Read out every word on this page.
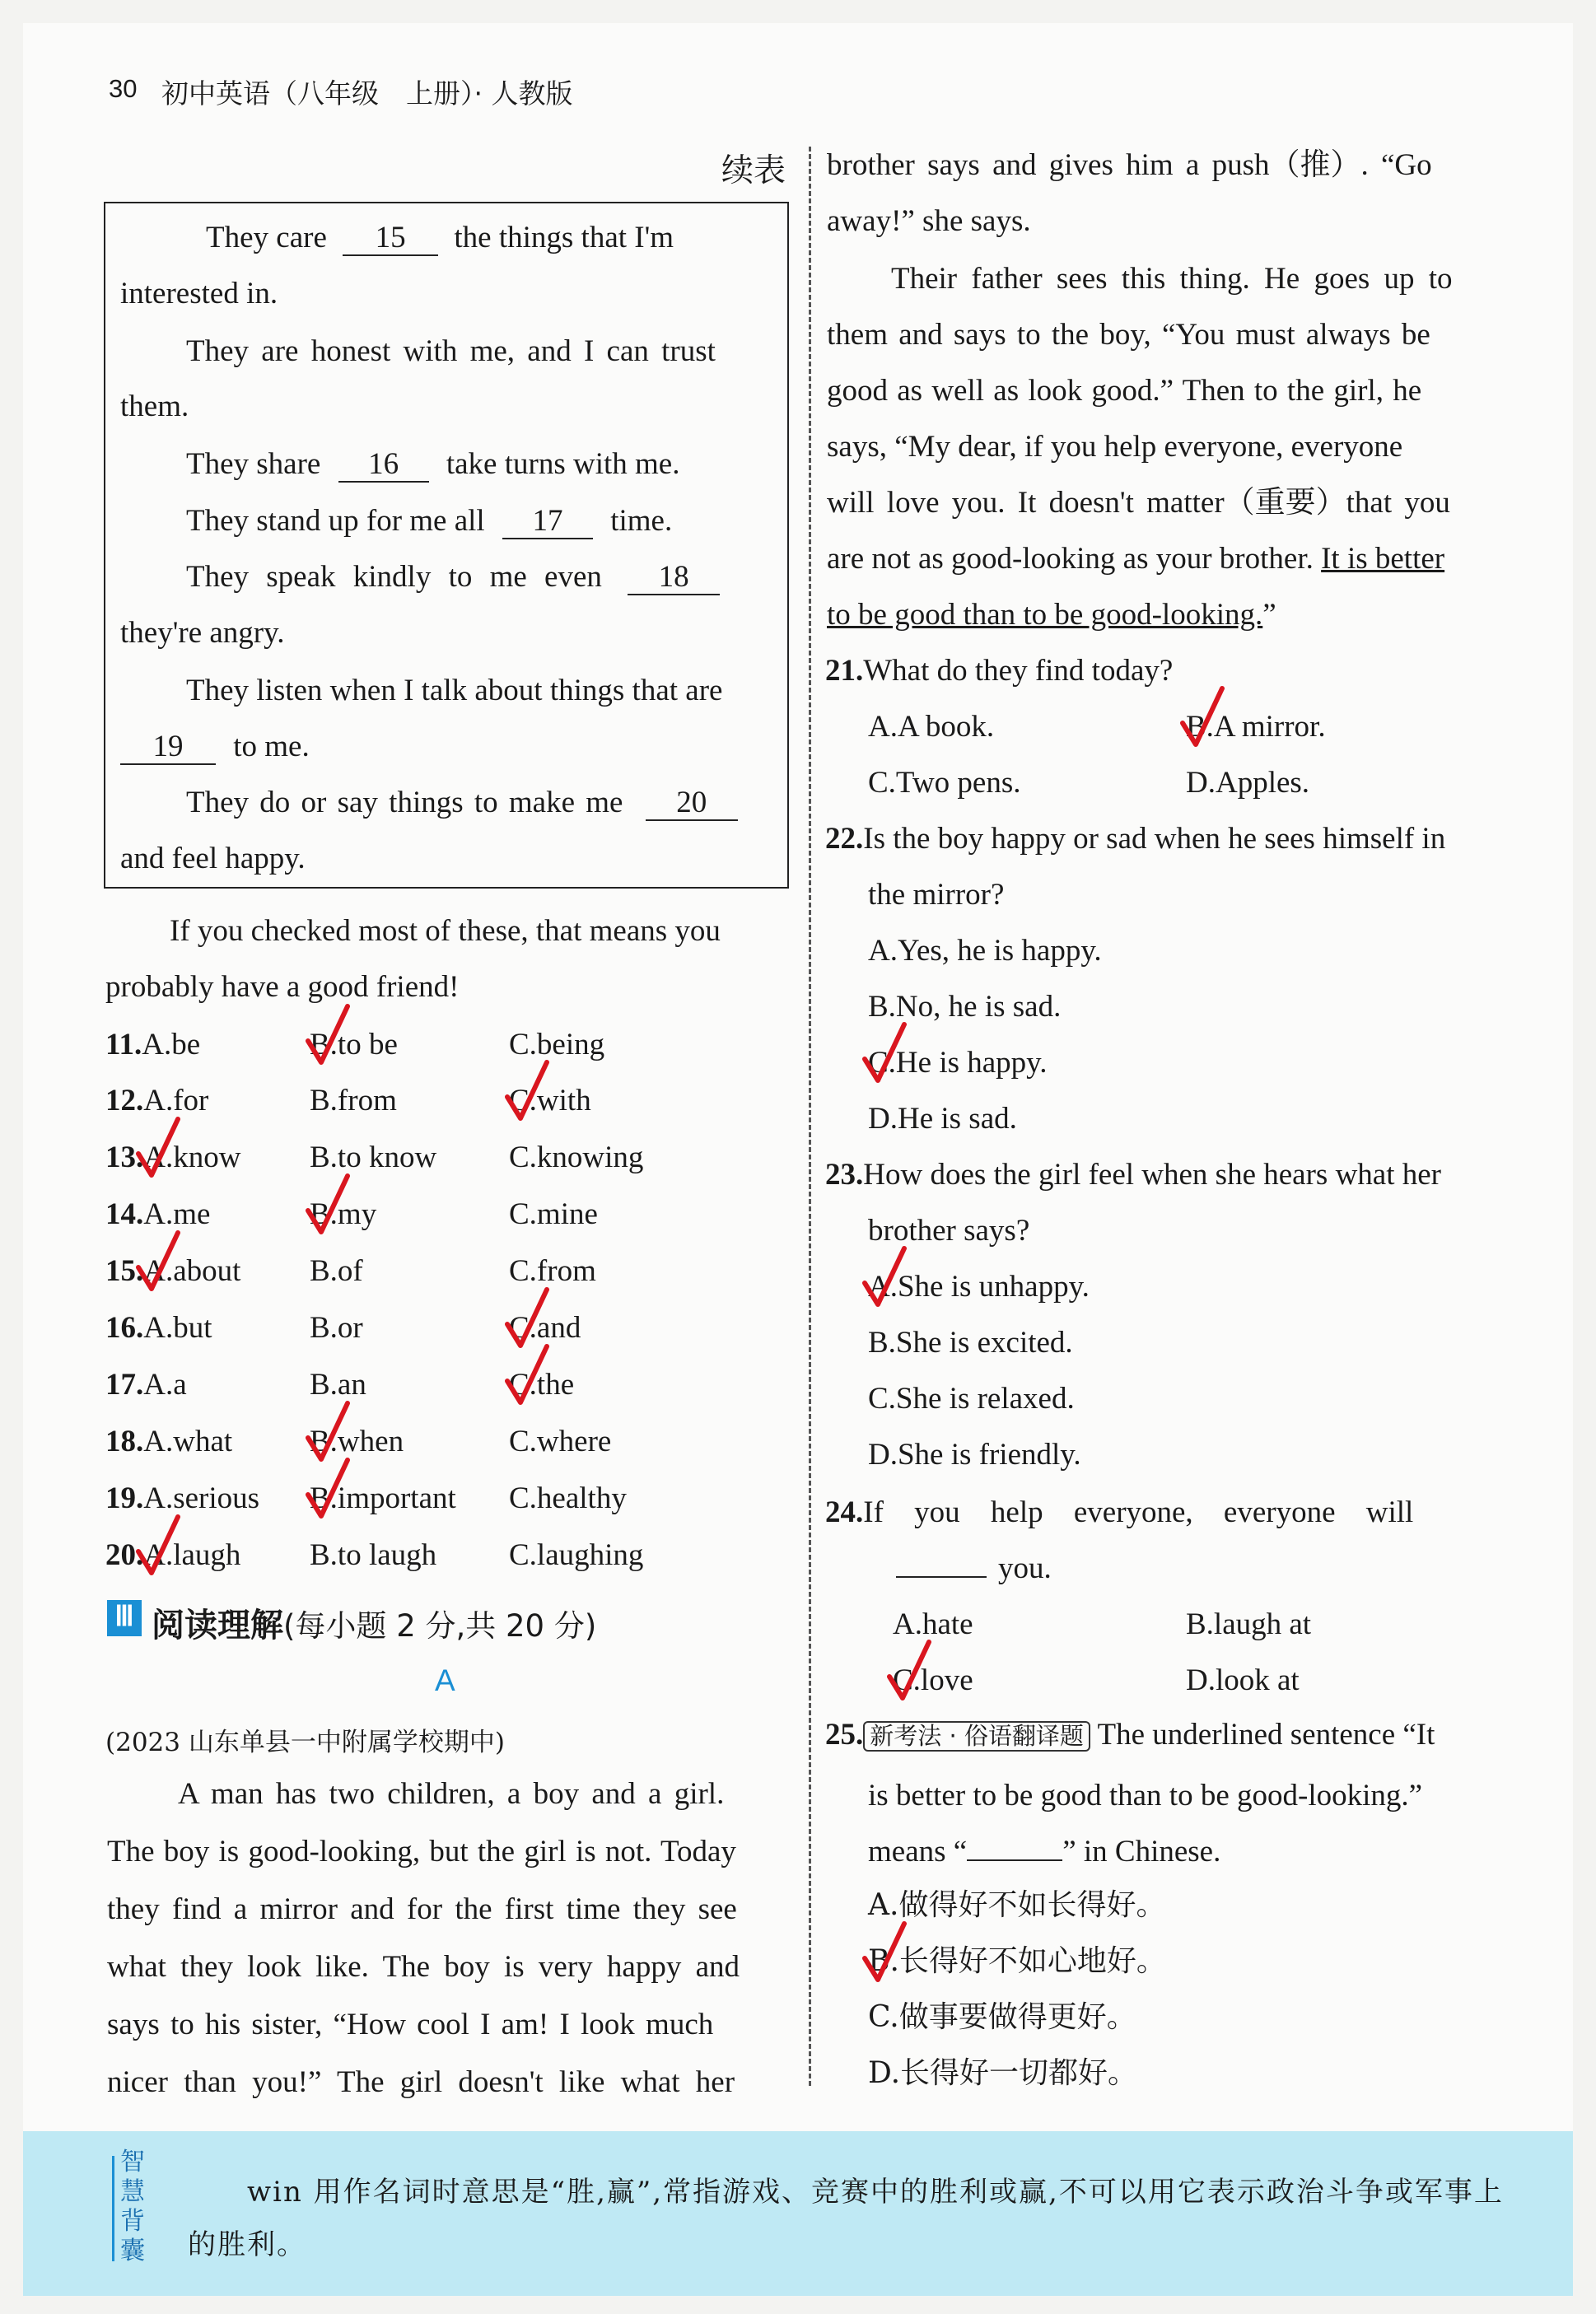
30 初中英语（八年级　上册）· 人教版
续表
They care 15 the things that I'm
interested in.
They are honest with me, and I can trust
them.
They share 16 take turns with me.
They stand up for me all 17 time.
They speak kindly to me even 18
they're angry.
They listen when I talk about things that are
19 to me.
They do or say things to make me 20
and feel happy.
If you checked most of these, that means you
probably have a good friend!
11.A.be	B.to be	C.being
12.A.for	B.from	C.with
13.A.know B.to know C.knowing
14.A.me	B.my	C.mine
15.A.about B.of	C.from
16.A.but	B.or	C.and
17.A.a	B.an	C.the
18.A.what	B.when	C.where
19.A.serious B.important C.healthy
20.A.laugh B.to laugh C.laughing
Ⅲ 阅读理解(每小题 2 分,共 20 分)
A
(2023 山东单县一中附属学校期中)
A man has two children, a boy and a girl.
The boy is good-looking, but the girl is not. Today
they find a mirror and for the first time they see
what they look like. The boy is very happy and
says to his sister, “How cool I am! I look much
nicer than you!” The girl doesn't like what her
brother says and gives him a push（推）. “Go
away!” she says.
Their father sees this thing. He goes up to
them and says to the boy, “You must always be
good as well as look good.” Then to the girl, he
says, “My dear, if you help everyone, everyone
will love you. It doesn't matter（重要）that you
are not as good-looking as your brother. It is better
to be good than to be good-looking.”
21.What do they find today?
A.A book.	B.A mirror.
C.Two pens.	D.Apples.
22.Is the boy happy or sad when he sees himself in
the mirror?
A.Yes, he is happy.
B.No, he is sad.
C.He is happy.
D.He is sad.
23.How does the girl feel when she hears what her
brother says?
A.She is unhappy.
B.She is excited.
C.She is relaxed.
D.She is friendly.
24.If you help everyone, everyone will
you.
A.hate	B.laugh at
C.love	D.look at
25. 新考法 · 俗语翻译题 The underlined sentence “It
is better to be good than to be good-looking.”
means “	” in Chinese.
A.做得好不如长得好。
B.长得好不如心地好。
C.做事要做得更好。
D.长得好一切都好。
智慧背囊
win 用作名词时意思是“胜,赢”,常指游戏、竞赛中的胜利或赢,不可以用它表示政治斗争或军事上
的胜利。
